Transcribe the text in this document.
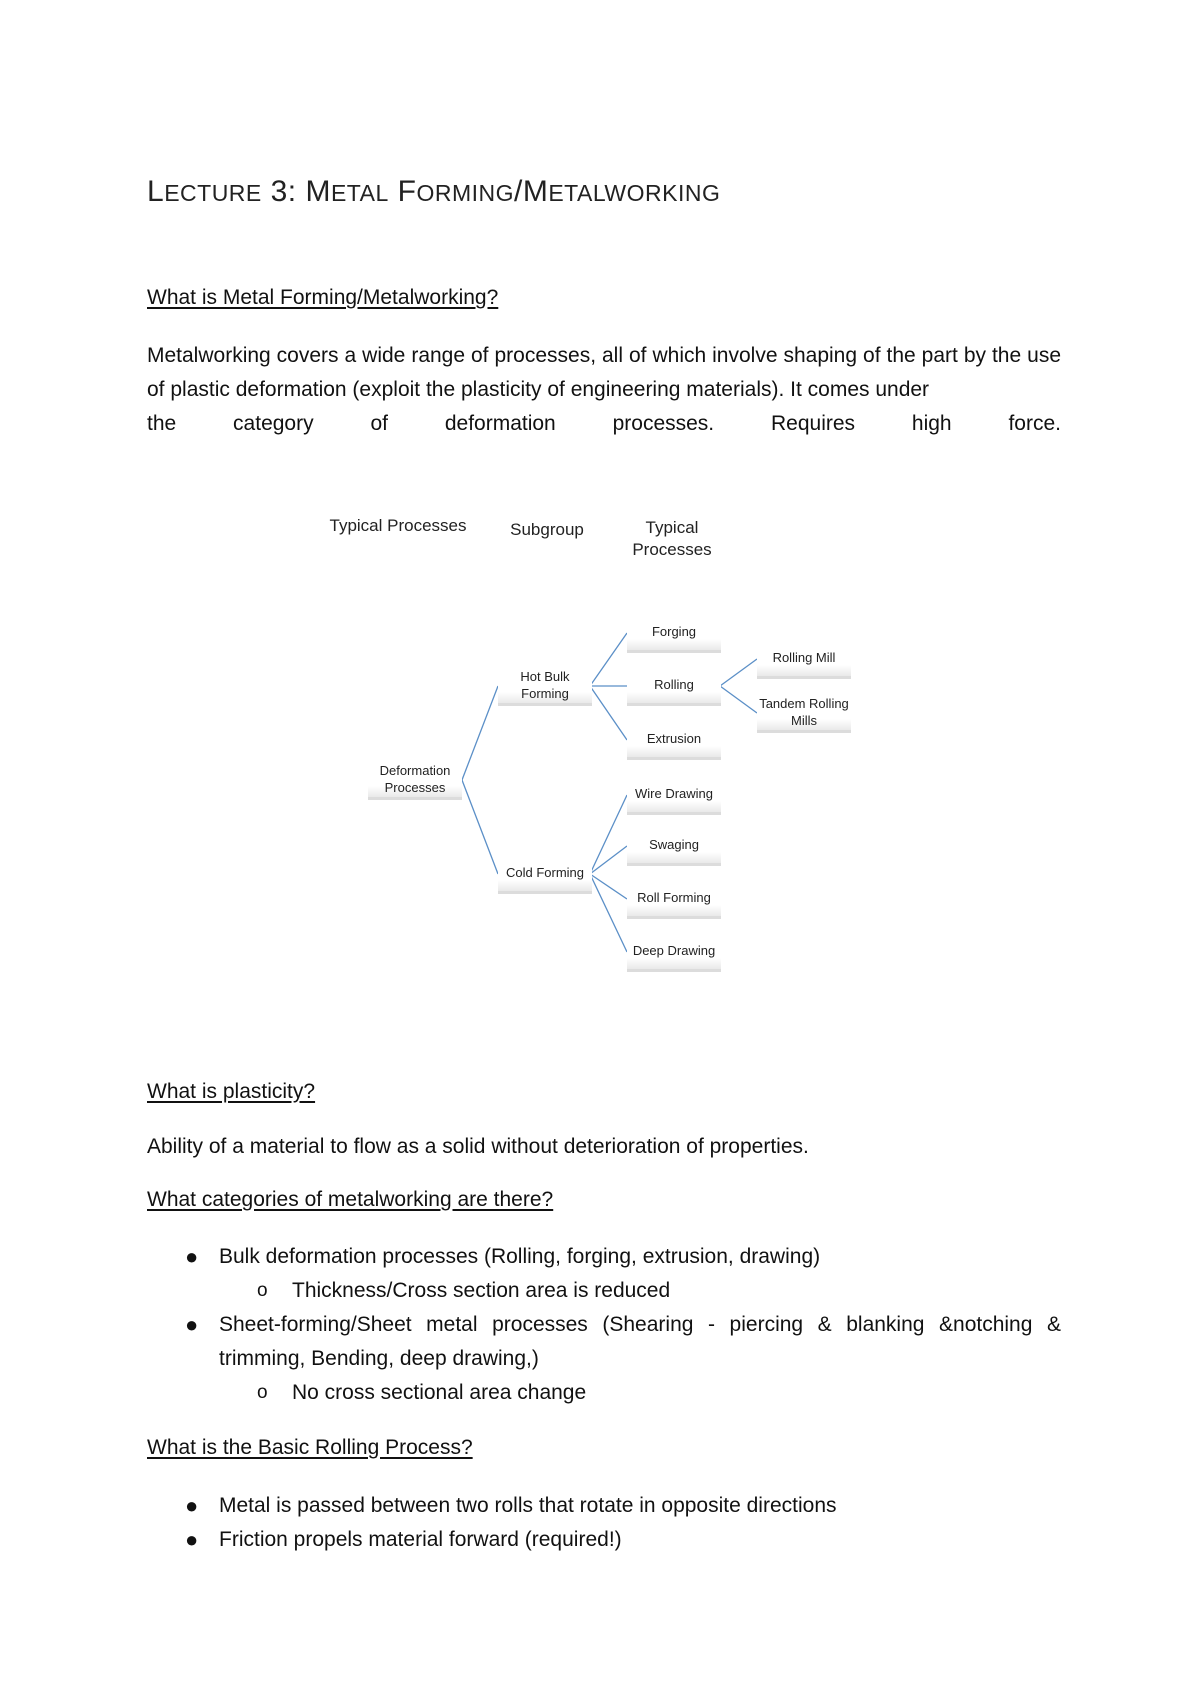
LECTURE 3: METAL FORMING/METALWORKING
What is Metal Forming/Metalworking?

Metalworking covers a wide range of processes, all of which involve shaping of the part by the use of plastic deformation (exploit the plasticity of engineering materials). It comes under
the category of deformation processes. Requires high force.

Typical Processes	Subgroup	Typical Processes
Deformation Processes
Hot Bulk Forming
Cold Forming
Forging
Rolling
Extrusion
Wire Drawing
Swaging
Roll Forming
Deep Drawing
Rolling Mill
Tandem Rolling Mills
What is plasticity?

Ability of a material to flow as a solid without deterioration of properties.

What categories of metalworking are there?
● Bulk deformation processes (Rolling, forging, extrusion, drawing)
o Thickness/Cross section area is reduced
● Sheet-forming/Sheet metal processes (Shearing - piercing & blanking &notching & trimming, Bending, deep drawing,)
o No cross sectional area change
What is the Basic Rolling Process?
● Metal is passed between two rolls that rotate in opposite directions
● Friction propels material forward (required!)
